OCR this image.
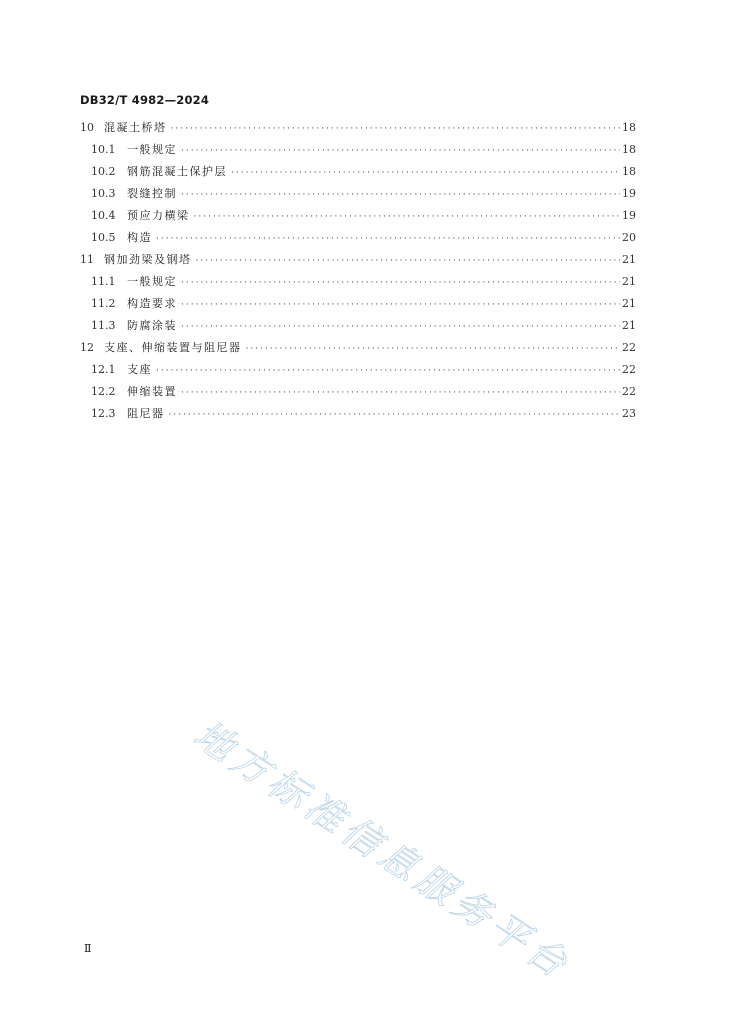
DB32/T 4982—2024
10 混凝土桥塔 ·····	18
10.1	一般规定 ·····	18
10.2	钢筋混凝土保护层 ·····	18
10.3	裂缝控制 ·····	19
10.4	预应力横梁 ·····	19
10.5	构造 ·····	20
11 钢加劲梁及钢塔 ·····	21
11.1	一般规定 ·····	21
11.2	构造要求 ·····	21
11.3	防腐涂装 ·····	21
12 支座、伸缩装置与阻尼器 ·····	22
12.1	支座 ·····	22
12.2	伸缩装置 ·····	22
12.3	阻尼器 ·····	23
地方标准信息服务平台
Ⅱ
